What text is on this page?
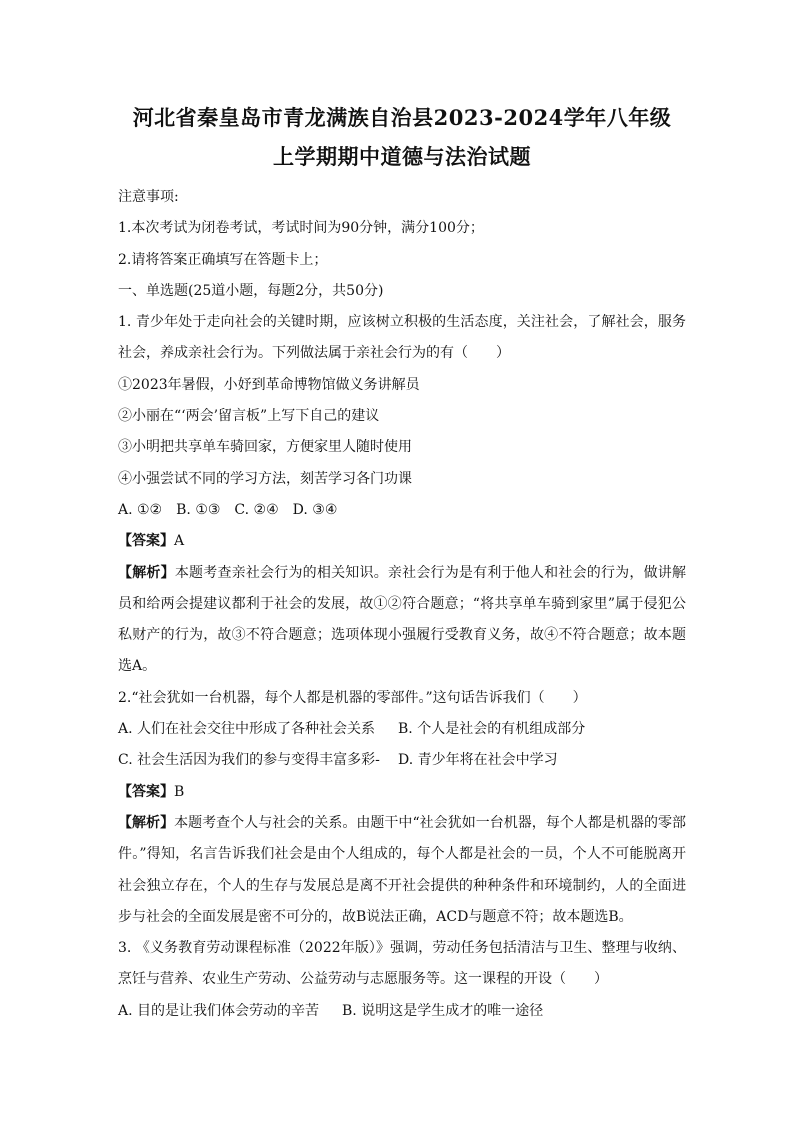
河北省秦皇岛市青龙满族自治县2023-2024学年八年级
上学期期中道德与法治试题

注意事项:

1.本次考试为闭卷考试，考试时间为90分钟，满分100分；

2.请将答案正确填写在答题卡上；

一、单选题(25道小题，每题2分，共50分)

1. 青少年处于走向社会的关键时期，应该树立积极的生活态度，关注社会，了解社会，服务社会，养成亲社会行为。下列做法属于亲社会行为的有（　　）

①2023年暑假，小妤到革命博物馆做义务讲解员

②小丽在“‘两会’留言板”上写下自己的建议

③小明把共享单车骑回家，方便家里人随时使用

④小强尝试不同的学习方法，刻苦学习各门功课

A. ①② B. ①③ C. ②④ D. ③④

【答案】A

【解析】本题考查亲社会行为的相关知识。亲社会行为是有利于他人和社会的行为，做讲解员和给两会提建议都利于社会的发展，故①②符合题意；“将共享单车骑到家里”属于侵犯公私财产的行为，故③不符合题意；选项体现小强履行受教育义务，故④不符合题意；故本题选A。

2.“社会犹如一台机器，每个人都是机器的零部件。”这句话告诉我们（　　）

A. 人们在社会交往中形成了各种社会关系	B. 个人是社会的有机组成部分
C. 社会生活因为我们的参与变得丰富多彩-	D. 青少年将在社会中学习

【答案】B

【解析】本题考查个人与社会的关系。由题干中“社会犹如一台机器，每个人都是机器的零部件。”得知，名言告诉我们社会是由个人组成的，每个人都是社会的一员，个人不可能脱离开社会独立存在，个人的生存与发展总是离不开社会提供的种种条件和环境制约，人的全面进步与社会的全面发展是密不可分的，故B说法正确，ACD与题意不符；故本题选B。

3. 《义务教育劳动课程标准（2022年版）》强调，劳动任务包括清洁与卫生、整理与收纳、烹饪与营养、农业生产劳动、公益劳动与志愿服务等。这一课程的开设（　　）

A. 目的是让我们体会劳动的辛苦	B. 说明这是学生成才的唯一途径
